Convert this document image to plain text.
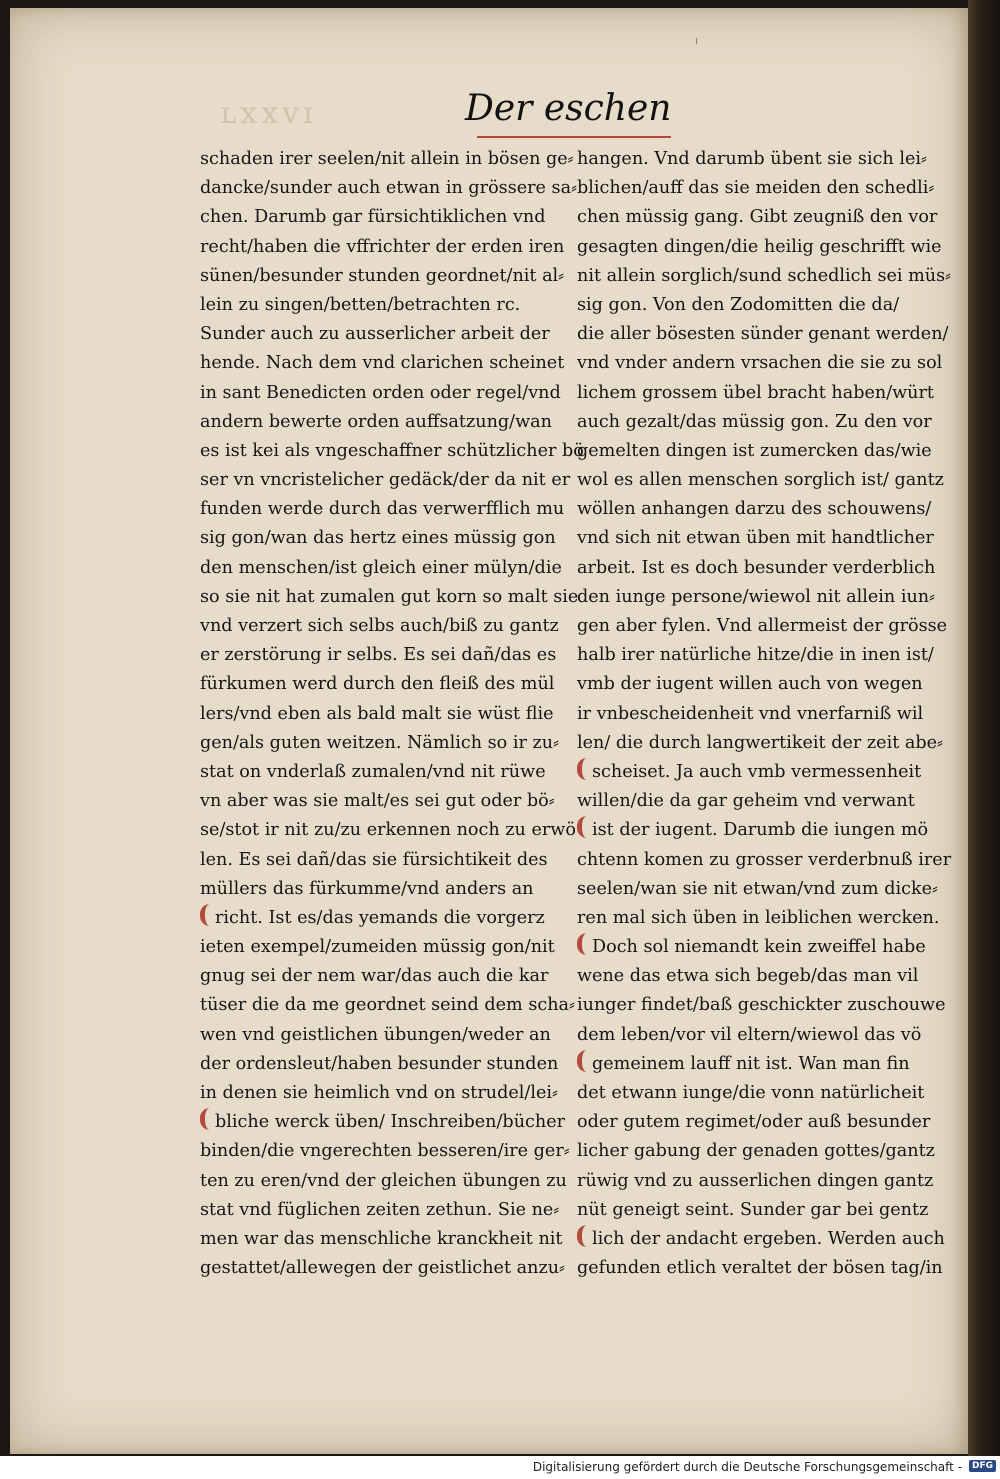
ʟxxvɪ	Der eschen
schaden irer seelen/nit allein in bösen ge⸗
dancke/sunder auch etwan in grössere sa⸗
chen. Darumb gar fürsichtiklichen vnd
recht/haben die vffrichter der erden iren
sünen/besunder stunden geordnet/nit al⸗
lein zu singen/betten/betrachten rc.
Sunder auch zu ausserlicher arbeit der
hende. Nach dem vnd clarichen scheinet
in sant Benedicten orden oder regel/vnd
andern bewerte orden auffsatzung/wan
es ist kei als vngeschaffner schützlicher bö
ser vn vncristelicher gedäck/der da nit er
funden werde durch das verwerfflich mu
sig gon/wan das hertz eines müssig gon
den menschen/ist gleich einer mülyn/die
so sie nit hat zumalen gut korn so malt sie
vnd verzert sich selbs auch/biß zu gantz
er zerstörung ir selbs. Es sei dañ/das es
fürkumen werd durch den fleiß des mül
lers/vnd eben als bald malt sie wüst flie
gen/als guten weitzen. Nämlich so ir zu⸗
stat on vnderlaß zumalen/vnd nit rüwe
vn aber was sie malt/es sei gut oder bö⸗
se/stot ir nit zu/zu erkennen noch zu erwö
len. Es sei dañ/das sie fürsichtikeit des
müllers das fürkumme/vnd anders an
richt. Ist es/das yemands die vorgerz
ieten exempel/zumeiden müssig gon/nit
gnug sei der nem war/das auch die kar
tüser die da me geordnet seind dem scha⸗
wen vnd geistlichen übungen/weder an
der ordensleut/haben besunder stunden
in denen sie heimlich vnd on strudel/lei⸗
bliche werck üben/ Inschreiben/bücher
binden/die vngerechten besseren/ire ger⸗
ten zu eren/vnd der gleichen übungen zu
stat vnd füglichen zeiten zethun. Sie ne⸗
men war das menschliche kranckheit nit
gestattet/allewegen der geistlichet anzu⸗
hangen. Vnd darumb übent sie sich lei⸗
blichen/auff das sie meiden den schedli⸗
chen müssig gang. Gibt zeugniß den vor
gesagten dingen/die heilig geschrifft wie
nit allein sorglich/sund schedlich sei müs⸗
sig gon. Von den Zodomitten die da/
die aller bösesten sünder genant werden/
vnd vnder andern vrsachen die sie zu sol
lichem grossem übel bracht haben/würt
auch gezalt/das müssig gon. Zu den vor
gemelten dingen ist zumercken das/wie
wol es allen menschen sorglich ist/ gantz
wöllen anhangen darzu des schouwens/
vnd sich nit etwan üben mit handtlicher
arbeit. Ist es doch besunder verderblich
den iunge persone/wiewol nit allein iun⸗
gen aber fylen. Vnd allermeist der grösse
halb irer natürliche hitze/die in inen ist/
vmb der iugent willen auch von wegen
ir vnbescheidenheit vnd vnerfarniß wil
len/ die durch langwertikeit der zeit abe⸗
scheiset. Ja auch vmb vermessenheit
willen/die da gar geheim vnd verwant
ist der iugent. Darumb die iungen mö
chtenn komen zu grosser verderbnuß irer
seelen/wan sie nit etwan/vnd zum dicke⸗
ren mal sich üben in leiblichen wercken.
Doch sol niemandt kein zweiffel habe
wene das etwa sich begeb/das man vil
iunger findet/baß geschickter zuschouwe
dem leben/vor vil eltern/wiewol das vö
gemeinem lauff nit ist. Wan man fin
det etwann iunge/die vonn natürlicheit
oder gutem regimet/oder auß besunder
licher gabung der genaden gottes/gantz
rüwig vnd zu ausserlichen dingen gantz
nüt geneigt seint. Sunder gar bei gentz
lich der andacht ergeben. Werden auch
gefunden etlich veraltet der bösen tag/in
Digitalisierung gefördert durch die Deutsche Forschungsgemeinschaft -	DFG
